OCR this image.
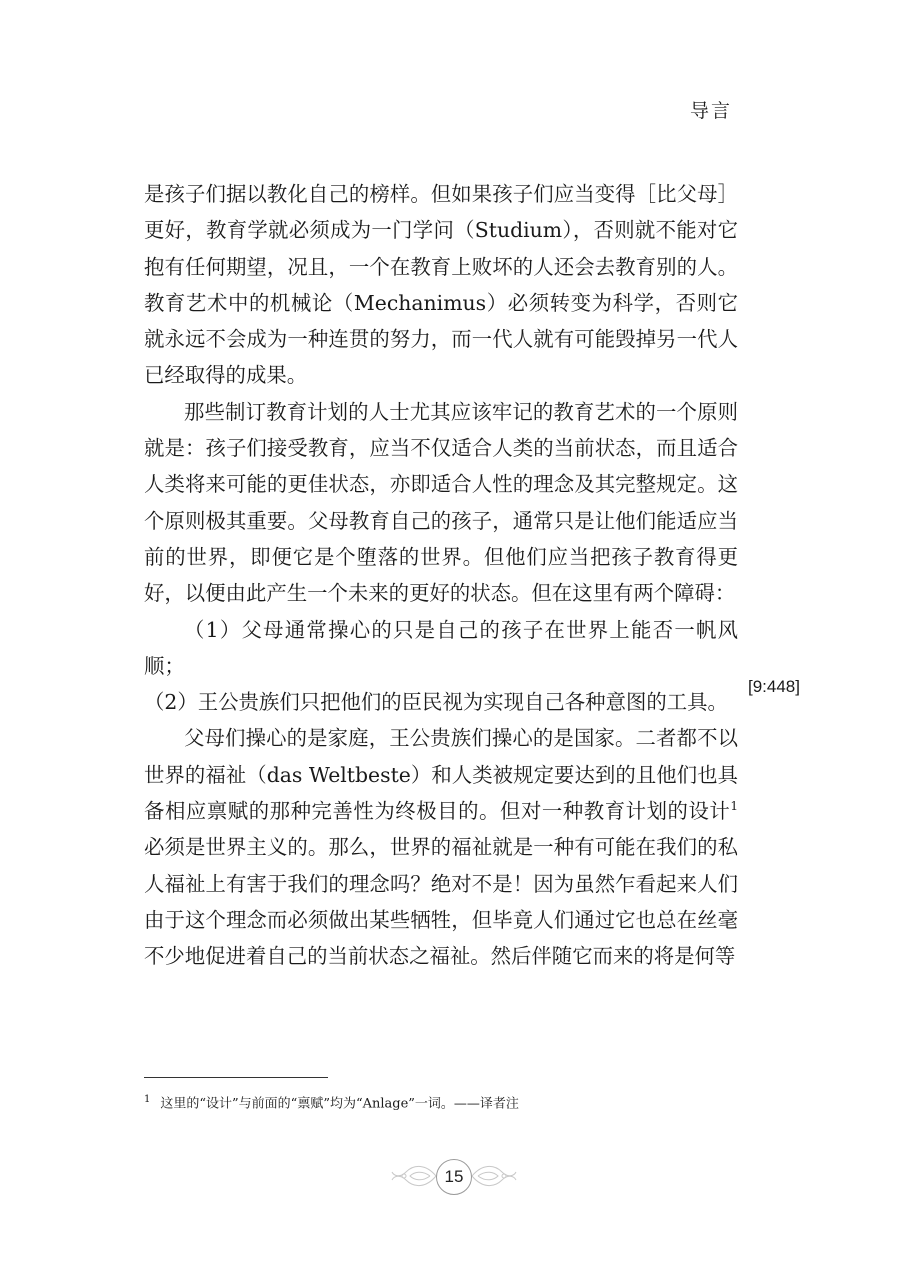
导言

是孩子们据以教化自己的榜样。但如果孩子们应当变得［比父母］更好，教育学就必须成为一门学问（Studium），否则就不能对它抱有任何期望，况且，一个在教育上败坏的人还会去教育别的人。教育艺术中的机械论（Mechanimus）必须转变为科学，否则它就永远不会成为一种连贯的努力，而一代人就有可能毁掉另一代人已经取得的成果。

那些制订教育计划的人士尤其应该牢记的教育艺术的一个原则就是：孩子们接受教育，应当不仅适合人类的当前状态，而且适合人类将来可能的更佳状态，亦即适合人性的理念及其完整规定。这个原则极其重要。父母教育自己的孩子，通常只是让他们能适应当前的世界，即便它是个堕落的世界。但他们应当把孩子教育得更好，以便由此产生一个未来的更好的状态。但在这里有两个障碍：

（1）父母通常操心的只是自己的孩子在世界上能否一帆风顺；

（2）王公贵族们只把他们的臣民视为实现自己各种意图的工具。

父母们操心的是家庭，王公贵族们操心的是国家。二者都不以世界的福祉（das Weltbeste）和人类被规定要达到的且他们也具备相应禀赋的那种完善性为终极目的。但对一种教育计划的设计$^1$必须是世界主义的。那么，世界的福祉就是一种有可能在我们的私人福祉上有害于我们的理念吗？绝对不是！因为虽然乍看起来人们由于这个理念而必须做出某些牺牲，但毕竟人们通过它也总在丝毫不少地促进着自己的当前状态之福祉。然后伴随它而来的将是何等

[9:448]
$^1$ 这里的“设计”与前面的“禀赋”均为“Anlage”一词。——译者注
15
